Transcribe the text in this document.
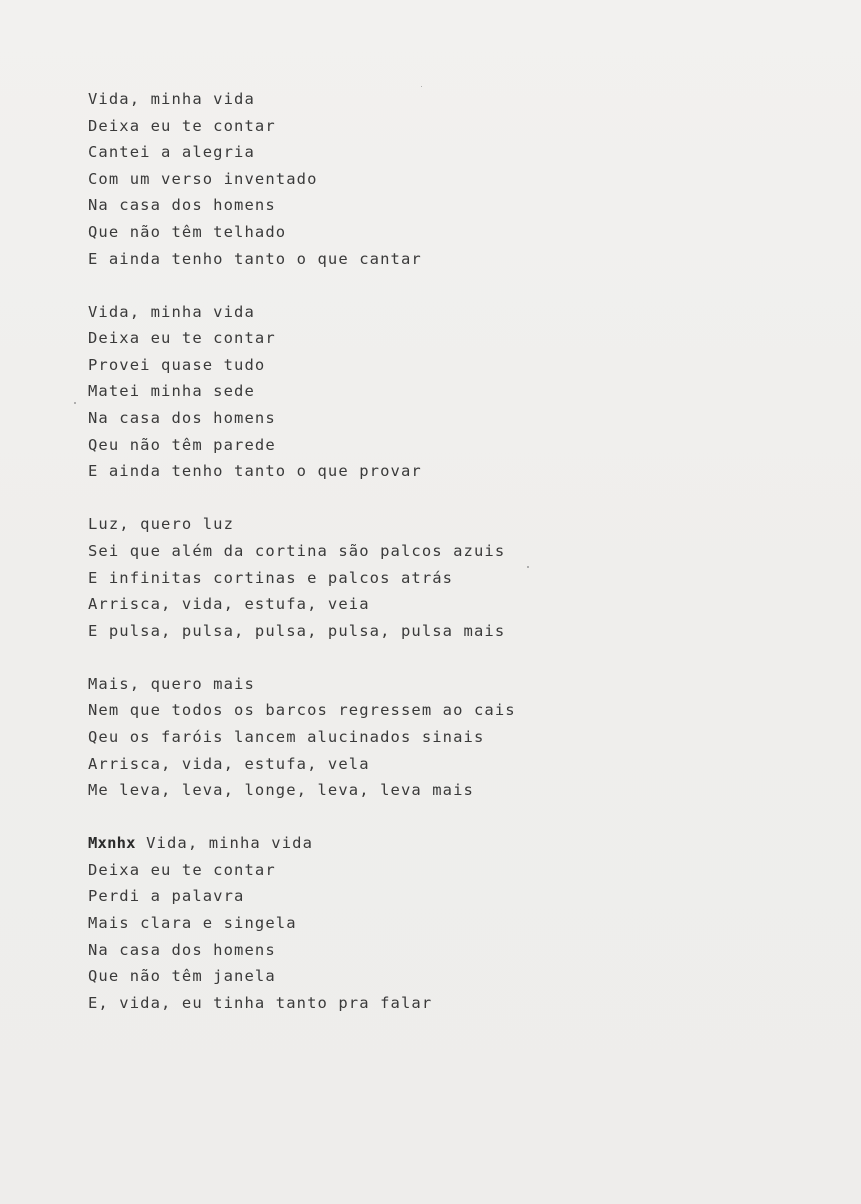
Vida, minha vida
Deixa eu te contar
Cantei a alegria
Com um verso inventado
Na casa dos homens
Que não têm telhado
E ainda tenho tanto o que cantar
Vida, minha vida
Deixa eu te contar
Provei quase tudo
Matei minha sede
Na casa dos homens
Qeu não têm parede
E ainda tenho tanto o que provar
Luz, quero luz
Sei que além da cortina são palcos azuis
E infinitas cortinas e palcos atrás
Arrisca, vida, estufa, veia
E pulsa, pulsa, pulsa, pulsa, pulsa mais
Mais, quero mais
Nem que todos os barcos regressem ao cais
Qeu os faróis lancem alucinados sinais
Arrisca, vida, estufa, vela
Me leva, leva, longe, leva, leva mais
Mxnhx Vida, minha vida
Deixa eu te contar
Perdi a palavra
Mais clara e singela
Na casa dos homens
Que não têm janela
E, vida, eu tinha tanto pra falar
